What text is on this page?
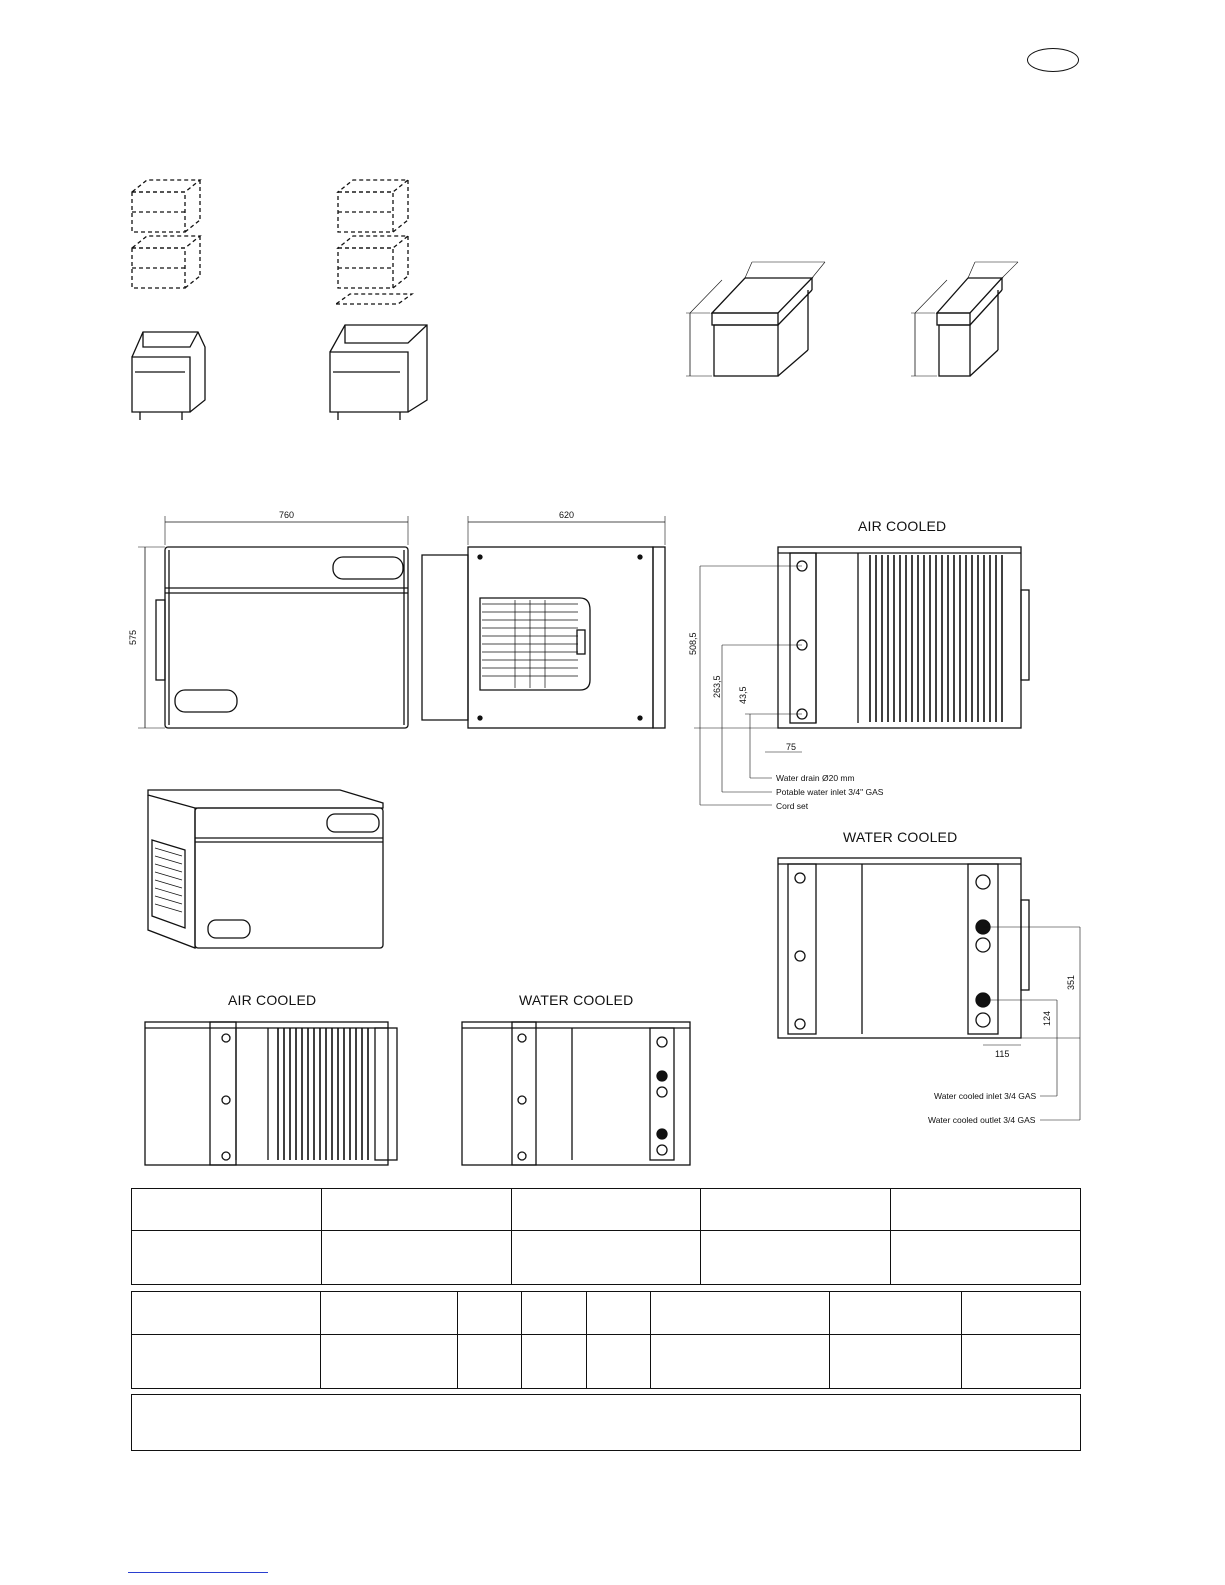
760
575
620
AIR COOLED
508,5
263,5 43,5
75
Water drain Ø20 mm
Potable water inlet 3/4" GAS
Cord set
WATER COOLED
351
124
115
Water cooled inlet 3/4 GAS
Water cooled outlet 3/4 GAS
AIR COOLED	WATER COOLED
